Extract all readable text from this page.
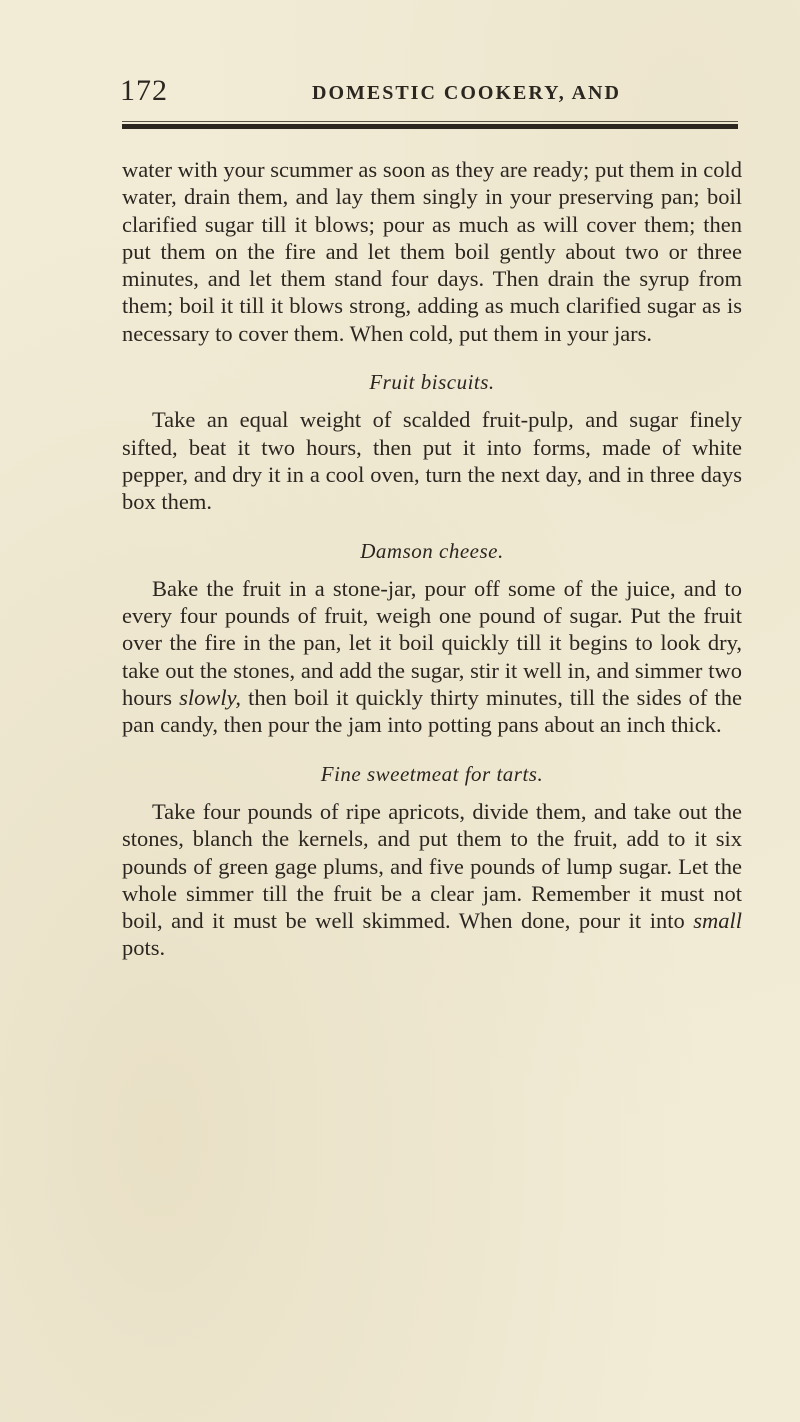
172	DOMESTIC COOKERY, AND

water with your scummer as soon as they are ready; put them in cold water, drain them, and lay them singly in your preserving pan; boil clarified sugar till it blows; pour as much as will cover them; then put them on the fire and let them boil gently about two or three minutes, and let them stand four days. Then drain the syrup from them; boil it till it blows strong, adding as much clarified sugar as is necessary to cover them. When cold, put them in your jars.

Fruit biscuits.

Take an equal weight of scalded fruit-pulp, and sugar finely sifted, beat it two hours, then put it into forms, made of white pepper, and dry it in a cool oven, turn the next day, and in three days box them.

Damson cheese.

Bake the fruit in a stone-jar, pour off some of the juice, and to every four pounds of fruit, weigh one pound of sugar. Put the fruit over the fire in the pan, let it boil quickly till it begins to look dry, take out the stones, and add the sugar, stir it well in, and simmer two hours slowly, then boil it quickly thirty minutes, till the sides of the pan candy, then pour the jam into potting pans about an inch thick.

Fine sweetmeat for tarts.

Take four pounds of ripe apricots, divide them, and take out the stones, blanch the kernels, and put them to the fruit, add to it six pounds of green gage plums, and five pounds of lump sugar. Let the whole simmer till the fruit be a clear jam. Remember it must not boil, and it must be well skimmed. When done, pour it into small pots.
